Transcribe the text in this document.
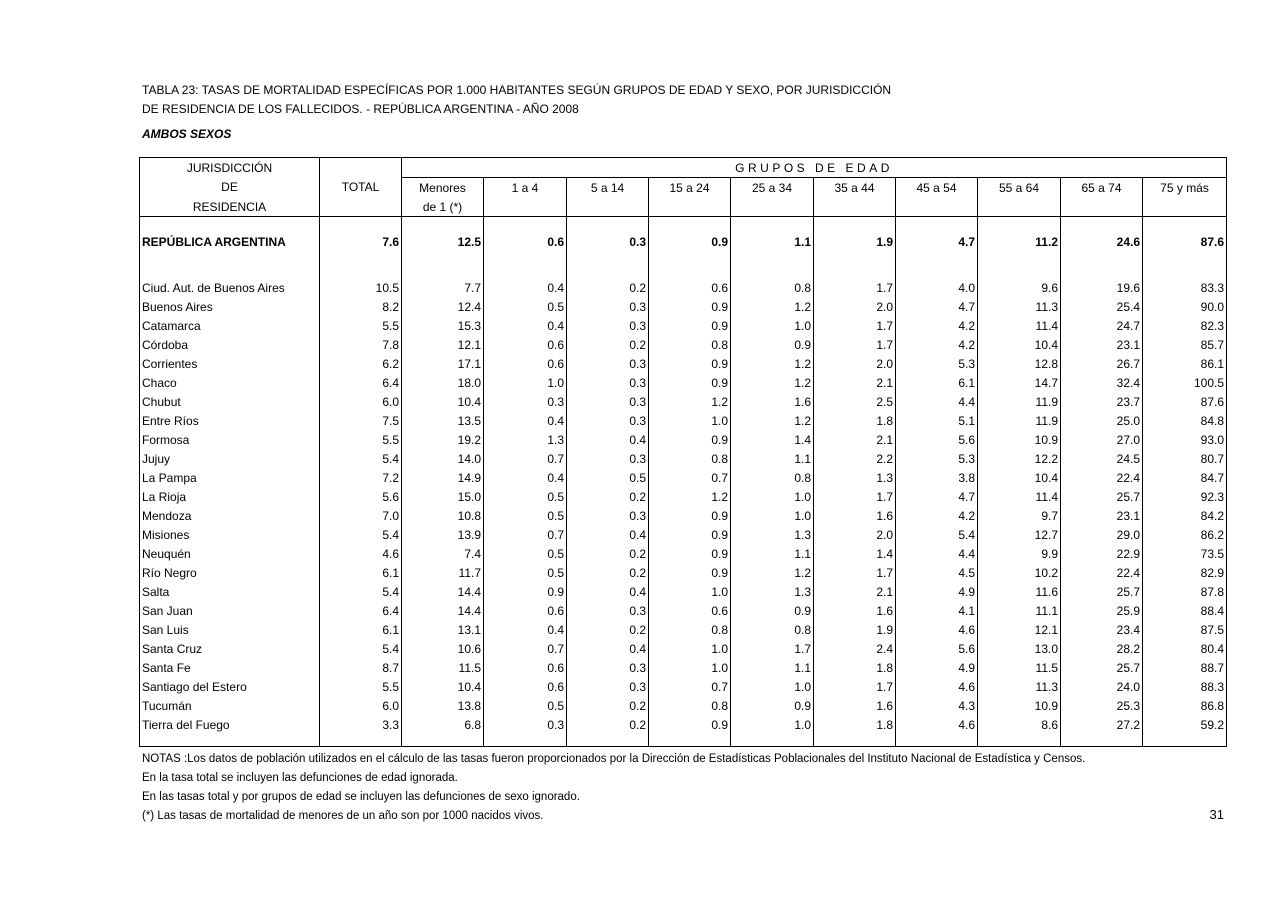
TABLA 23: TASAS DE MORTALIDAD ESPECÍFICAS POR 1.000 HABITANTES SEGÚN GRUPOS DE EDAD Y SEXO, POR JURISDICCIÓN
DE RESIDENCIA DE LOS FALLECIDOS. - REPÚBLICA ARGENTINA - AÑO 2008
AMBOS SEXOS
JURISDICCIÓN		GRUPOS DE EDAD									
DE	TOTAL	Menores	1 a 4	5 a 14	15 a 24	25 a 34	35 a 44	45 a 54	55 a 64	65 a 74	75 y más
RESIDENCIA		de 1 (*)									
REPÚBLICA ARGENTINA	7.6	12.5	0.6	0.3	0.9	1.1	1.9	4.7	11.2	24.6	87.6

Ciud. Aut. de Buenos Aires	10.5	7.7	0.4	0.2	0.6	0.8	1.7	4.0	9.6	19.6	83.3
Buenos Aires	8.2	12.4	0.5	0.3	0.9	1.2	2.0	4.7	11.3	25.4	90.0
Catamarca	5.5	15.3	0.4	0.3	0.9	1.0	1.7	4.2	11.4	24.7	82.3
Córdoba	7.8	12.1	0.6	0.2	0.8	0.9	1.7	4.2	10.4	23.1	85.7
Corrientes	6.2	17.1	0.6	0.3	0.9	1.2	2.0	5.3	12.8	26.7	86.1
Chaco	6.4	18.0	1.0	0.3	0.9	1.2	2.1	6.1	14.7	32.4	100.5
Chubut	6.0	10.4	0.3	0.3	1.2	1.6	2.5	4.4	11.9	23.7	87.6
Entre Ríos	7.5	13.5	0.4	0.3	1.0	1.2	1.8	5.1	11.9	25.0	84.8
Formosa	5.5	19.2	1.3	0.4	0.9	1.4	2.1	5.6	10.9	27.0	93.0
Jujuy	5.4	14.0	0.7	0.3	0.8	1.1	2.2	5.3	12.2	24.5	80.7
La Pampa	7.2	14.9	0.4	0.5	0.7	0.8	1.3	3.8	10.4	22.4	84.7
La Rioja	5.6	15.0	0.5	0.2	1.2	1.0	1.7	4.7	11.4	25.7	92.3
Mendoza	7.0	10.8	0.5	0.3	0.9	1.0	1.6	4.2	9.7	23.1	84.2
Misiones	5.4	13.9	0.7	0.4	0.9	1.3	2.0	5.4	12.7	29.0	86.2
Neuquén	4.6	7.4	0.5	0.2	0.9	1.1	1.4	4.4	9.9	22.9	73.5
Río Negro	6.1	11.7	0.5	0.2	0.9	1.2	1.7	4.5	10.2	22.4	82.9
Salta	5.4	14.4	0.9	0.4	1.0	1.3	2.1	4.9	11.6	25.7	87.8
San Juan	6.4	14.4	0.6	0.3	0.6	0.9	1.6	4.1	11.1	25.9	88.4
San Luis	6.1	13.1	0.4	0.2	0.8	0.8	1.9	4.6	12.1	23.4	87.5
Santa Cruz	5.4	10.6	0.7	0.4	1.0	1.7	2.4	5.6	13.0	28.2	80.4
Santa Fe	8.7	11.5	0.6	0.3	1.0	1.1	1.8	4.9	11.5	25.7	88.7
Santiago del Estero	5.5	10.4	0.6	0.3	0.7	1.0	1.7	4.6	11.3	24.0	88.3
Tucumán	6.0	13.8	0.5	0.2	0.8	0.9	1.6	4.3	10.9	25.3	86.8
Tierra del Fuego	3.3	6.8	0.3	0.2	0.9	1.0	1.8	4.6	8.6	27.2	59.2

NOTAS :Los datos de población utilizados en el cálculo de las tasas fueron proporcionados por la Dirección de Estadísticas Poblacionales del Instituto Nacional de Estadística y Censos.
En la tasa total se incluyen las defunciones de edad ignorada.
En las tasas total y por grupos de edad se incluyen las defunciones de sexo ignorado.
(*) Las tasas de mortalidad de menores de un año son por 1000 nacidos vivos.	31
